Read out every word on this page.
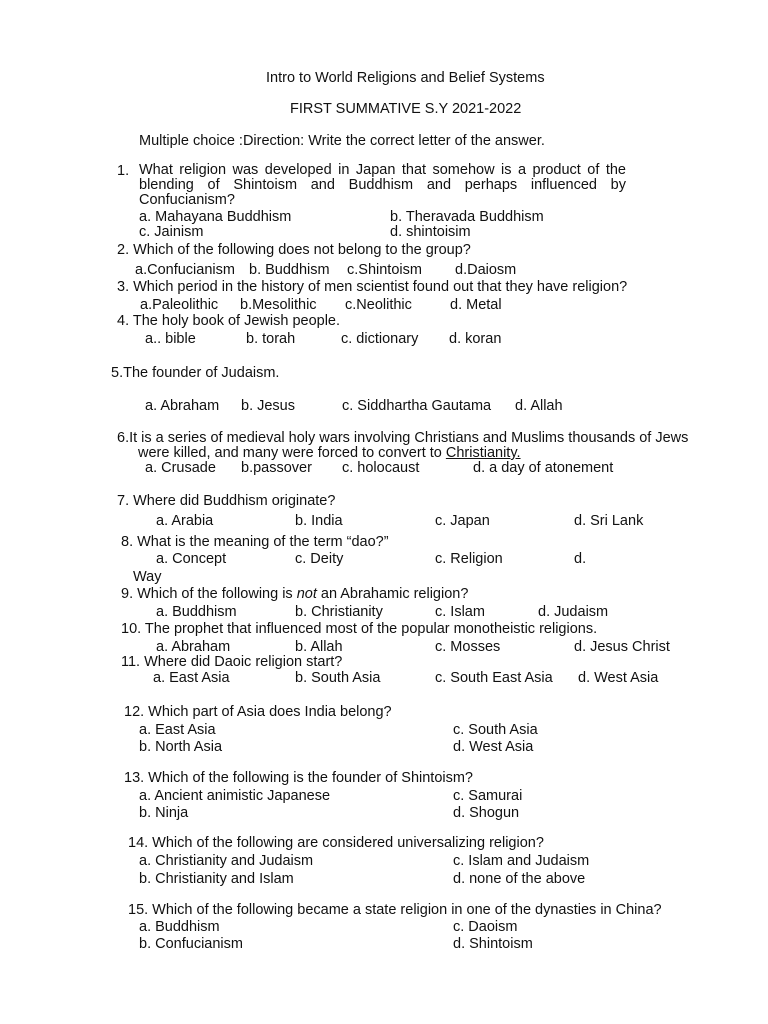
Intro to World Religions and Belief Systems
FIRST SUMMATIVE S.Y 2021-2022
Multiple choice :Direction: Write the correct letter of the answer.
1. What religion was developed in Japan that somehow is a product of the blending of Shintoism and Buddhism and perhaps influenced by Confucianism?
a. Mahayana Buddhism	b. Theravada Buddhism
c. Jainism	d. shintoisim
2. Which of the following does not belong to the group?
a.Confucianism b. Buddhism c.Shintoism d.Daiosm
3. Which period in the history of men scientist found out that they have religion?
a.Paleolithic b.Mesolithic c.Neolithic	d. Metal
4. The holy book of Jewish people.
a.. bible	b. torah	c. dictionary d. koran
5.The founder of Judaism.
a. Abraham b. Jesus	c. Siddhartha Gautama d. Allah
6.It is a series of medieval holy wars involving Christians and Muslims thousands of Jews
were killed, and many were forced to convert to Christianity.
a. Crusade b.passover c. holocaust	d. a day of atonement
7. Where did Buddhism originate?
a. Arabia	b. India	c. Japan	d. Sri Lank
8. What is the meaning of the term “dao?”
a. Concept	c. Deity	c. Religion	d.
Way
9. Which of the following is not an Abrahamic religion?
a. Buddhism	b. Christianity	c. Islam	d. Judaism
10. The prophet that influenced most of the popular monotheistic religions.
a. Abraham	b. Allah	c. Mosses	d. Jesus Christ
11. Where did Daoic religion start?
a. East Asia	b. South Asia	c. South East Asia d. West Asia
12. Which part of Asia does India belong?
a. East Asia	c. South Asia
b. North Asia	d. West Asia
13. Which of the following is the founder of Shintoism?
a. Ancient animistic Japanese	c. Samurai
b. Ninja	d. Shogun
14. Which of the following are considered universalizing religion?
a. Christianity and Judaism	c. Islam and Judaism
b. Christianity and Islam	d. none of the above
15. Which of the following became a state religion in one of the dynasties in China?
a. Buddhism	c. Daoism
b. Confucianism	d. Shintoism
